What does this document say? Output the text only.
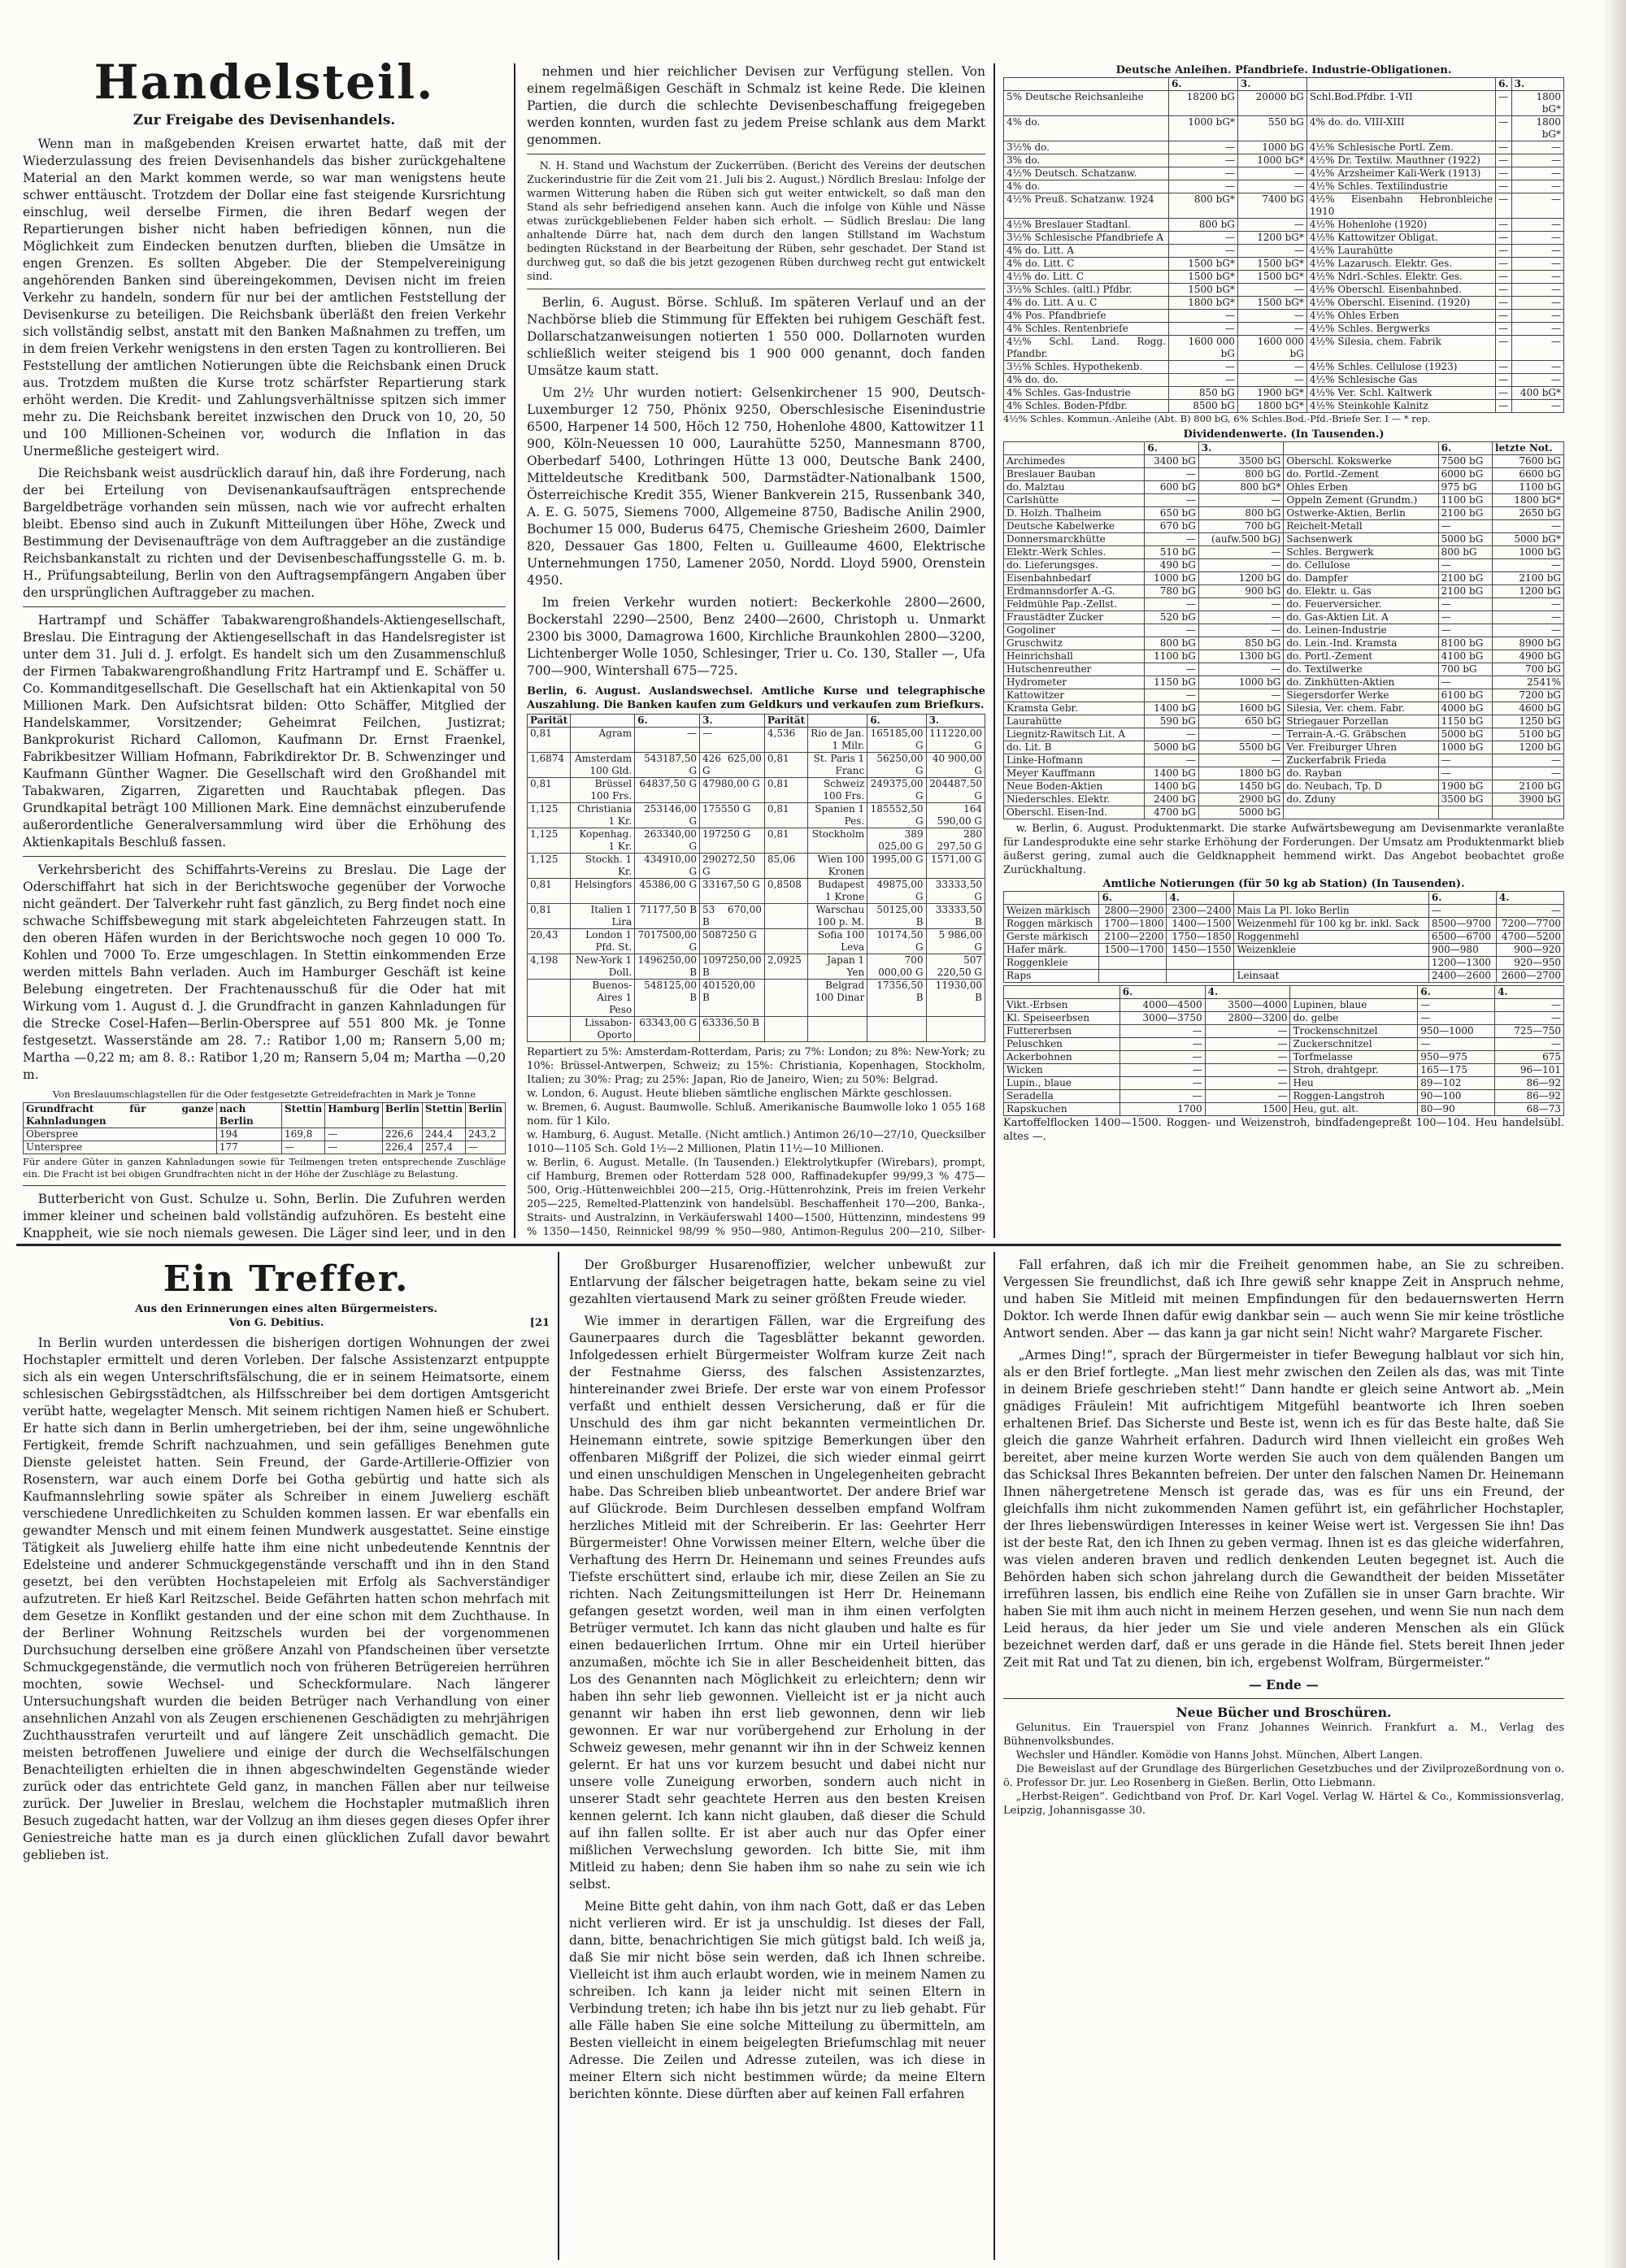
Handelsteil.
Zur Freigabe des Devisenhandels.

Wenn man in maßgebenden Kreisen erwartet hatte, daß mit der Wiederzulassung des freien Devisenhandels das bisher zurückgehaltene Material an den Markt kommen werde, so war man wenigstens heute schwer enttäuscht. Trotzdem der Dollar eine fast steigende Kursrichtung einschlug, weil derselbe Firmen, die ihren Bedarf wegen der Repartierungen bisher nicht haben befriedigen können, nun die Möglichkeit zum Eindecken benutzen durften, blieben die Umsätze in engen Grenzen. Es sollten Abgeber. Die der Stempelvereinigung angehörenden Banken sind übereingekommen, Devisen nicht im freien Verkehr zu handeln, sondern für nur bei der amtlichen Feststellung der Devisenkurse zu beteiligen. Die Reichsbank überläßt den freien Verkehr sich vollständig selbst, anstatt mit den Banken Maßnahmen zu treffen, um in dem freien Verkehr wenigstens in den ersten Tagen zu kontrollieren. Bei Feststellung der amtlichen Notierungen übte die Reichsbank einen Druck aus. Trotzdem mußten die Kurse trotz schärfster Repartierung stark erhöht werden. Die Kredit- und Zahlungsverhältnisse spitzen sich immer mehr zu. Die Reichsbank bereitet inzwischen den Druck von 10, 20, 50 und 100 Millionen-Scheinen vor, wodurch die Inflation in das Unermeßliche gesteigert wird.

Die Reichsbank weist ausdrücklich darauf hin, daß ihre Forderung, nach der bei Erteilung von Devisenankaufsaufträgen entsprechende Bargeldbeträge vorhanden sein müssen, nach wie vor aufrecht erhalten bleibt. Ebenso sind auch in Zukunft Mitteilungen über Höhe, Zweck und Bestimmung der Devisenaufträge von dem Auftraggeber an die zuständige Reichsbankanstalt zu richten und der Devisenbeschaffungsstelle G. m. b. H., Prüfungsabteilung, Berlin von den Auftragsempfängern Angaben über den ursprünglichen Auftraggeber zu machen.

Hartrampf und Schäffer Tabakwarengroßhandels-Aktiengesellschaft, Breslau. Die Eintragung der Aktiengesellschaft in das Handelsregister ist unter dem 31. Juli d. J. erfolgt. Es handelt sich um den Zusammenschluß der Firmen Tabakwarengroßhandlung Fritz Hartrampf und E. Schäffer u. Co. Kommanditgesellschaft. Die Gesellschaft hat ein Aktienkapital von 50 Millionen Mark. Den Aufsichtsrat bilden: Otto Schäffer, Mitglied der Handelskammer, Vorsitzender; Geheimrat Feilchen, Justizrat; Bankprokurist Richard Callomon, Kaufmann Dr. Ernst Fraenkel, Fabrikbesitzer William Hofmann, Fabrikdirektor Dr. B. Schwenzinger und Kaufmann Günther Wagner. Die Gesellschaft wird den Großhandel mit Tabakwaren, Zigarren, Zigaretten und Rauchtabak pflegen. Das Grundkapital beträgt 100 Millionen Mark. Eine demnächst einzuberufende außerordentliche Generalversammlung wird über die Erhöhung des Aktienkapitals Beschluß fassen.

Verkehrsbericht des Schiffahrts-Vereins zu Breslau. Die Lage der Oderschiffahrt hat sich in der Berichtswoche gegenüber der Vorwoche nicht geändert. Der Talverkehr ruht fast gänzlich, zu Berg findet noch eine schwache Schiffsbewegung mit stark abgeleichteten Fahrzeugen statt. In den oberen Häfen wurden in der Berichtswoche noch gegen 10 000 To. Kohlen und 7000 To. Erze umgeschlagen. In Stettin einkommenden Erze werden mittels Bahn verladen. Auch im Hamburger Geschäft ist keine Belebung eingetreten. Der Frachtenausschuß für die Oder hat mit Wirkung vom 1. August d. J. die Grundfracht in ganzen Kahnladungen für die Strecke Cosel-Hafen—Berlin-Oberspree auf 551 800 Mk. je Tonne festgesetzt. Wasserstände am 28. 7.: Ratibor 1,00 m; Ransern 5,00 m; Martha —0,22 m; am 8. 8.: Ratibor 1,20 m; Ransern 5,04 m; Martha —0,20 m.

Von Breslauumschlagstellen für die Oder festgesetzte Getreidefrachten in Mark je Tonne
Grundfracht für ganze Kahnladungen	nach Berlin	Stettin	Hamburg	Berlin	Stettin	Berlin
Oberspree	194	169,8	—	226,6	244,4	243,2
Unterspree	177	—	—	226,4	257,4	—
Für andere Güter in ganzen Kahnladungen sowie für Teilmengen treten entsprechende Zuschläge ein. Die Fracht ist bei obigen Grundfrachten nicht in der Höhe der Zuschläge zu Belastung.

Butterbericht von Gust. Schulze u. Sohn, Berlin. Die Zufuhren werden immer kleiner und scheinen bald vollständig aufzuhören. Es besteht eine Knappheit, wie sie noch niemals gewesen. Die Läger sind leer, und in den

nehmen und hier reichlicher Devisen zur Verfügung stellen. Von einem regelmäßigen Geschäft in Schmalz ist keine Rede. Die kleinen Partien, die durch die schlechte Devisenbeschaffung freigegeben werden konnten, wurden fast zu jedem Preise schlank aus dem Markt genommen.

N. H. Stand und Wachstum der Zuckerrüben. (Bericht des Vereins der deutschen Zuckerindustrie für die Zeit vom 21. Juli bis 2. August.) Nördlich Breslau: Infolge der warmen Witterung haben die Rüben sich gut weiter entwickelt, so daß man den Stand als sehr befriedigend ansehen kann. Auch die infolge von Kühle und Nässe etwas zurückgebliebenen Felder haben sich erholt. — Südlich Breslau: Die lang anhaltende Dürre hat, nach dem durch den langen Stillstand im Wachstum bedingten Rückstand in der Bearbeitung der Rüben, sehr geschadet. Der Stand ist durchweg gut, so daß die bis jetzt gezogenen Rüben durchweg recht gut entwickelt sind.

Berlin, 6. August. Börse. Schluß. Im späteren Verlauf und an der Nachbörse blieb die Stimmung für Effekten bei ruhigem Geschäft fest. Dollarschatzanweisungen notierten 1 550 000. Dollarnoten wurden schließlich weiter steigend bis 1 900 000 genannt, doch fanden Umsätze kaum statt.

Um 2½ Uhr wurden notiert: Gelsenkirchener 15 900, Deutsch-Luxemburger 12 750, Phönix 9250, Oberschlesische Eisenindustrie 6500, Harpener 14 500, Höch 12 750, Hohenlohe 4800, Kattowitzer 11 900, Köln-Neuessen 10 000, Laurahütte 5250, Mannesmann 8700, Oberbedarf 5400, Lothringen Hütte 13 000, Deutsche Bank 2400, Mitteldeutsche Kreditbank 500, Darmstädter-Nationalbank 1500, Österreichische Kredit 355, Wiener Bankverein 215, Russenbank 340, A. E. G. 5075, Siemens 7000, Allgemeine 8750, Badische Anilin 2900, Bochumer 15 000, Buderus 6475, Chemische Griesheim 2600, Daimler 820, Dessauer Gas 1800, Felten u. Guilleaume 4600, Elektrische Unternehmungen 1750, Lamener 2050, Nordd. Lloyd 5900, Orenstein 4950.

Im freien Verkehr wurden notiert: Beckerkohle 2800—2600, Bockerstahl 2290—2500, Benz 2400—2600, Christoph u. Unmarkt 2300 bis 3000, Damagrowa 1600, Kirchliche Braunkohlen 2800—3200, Lichtenberger Wolle 1050, Schlesinger, Trier u. Co. 130, Staller —, Ufa 700—900, Wintershall 675—725.

Berlin, 6. August. Auslandswechsel. Amtliche Kurse und telegraphische Auszahlung. Die Banken kaufen zum Geldkurs und verkaufen zum Briefkurs.
Parität		6.	3.	Parität		6.	3.
0,81	Agram	—	—	4,536	Rio de Jan. 1 Milr.	165185,00 G	111220,00 G
1,6874	Amsterdam 100 Gld.	543187,50 G	426 625,00 G	0,81	St. Paris 1 Franc	56250,00 G	40 900,00 G
0,81	Brüssel 100 Frs.	64837,50 G	47980,00 G	0,81	Schweiz 100 Frs.	249375,00 G	204487,50 G
1,125	Christiania 1 Kr.	253146,00 G	175550 G	0,81	Spanien 1 Pes.	185552,50 G	164 590,00 G
1,125	Kopenhag. 1 Kr.	263340,00 G	197250 G	0,81	Stockholm	389 025,00 G	280 297,50 G
1,125	Stockh. 1 Kr.	434910,00 G	290272,50 G	85,06	Wien 100 Kronen	1995,00 G	1571,00 G
0,81	Helsingfors	45386,00 G	33167,50 G	0,8508	Budapest 1 Krone	49875,00 G	33333,50 G
0,81	Italien 1 Lira	71177,50 B	53 670,00 B		Warschau 100 p. M.	50125,00 B	33333,50 B
20,43	London 1 Pfd. St.	7017500,00 G	5087250 G		Sofia 100 Leva	10174,50 G	5 986,00 G
4,198	New-York 1 Doll.	1496250,00 B	1097250,00 B	2,0925	Japan 1 Yen	700 000,00 G	507 220,50 G
	Buenos-Aires 1 Peso	548125,00 B	401520,00 B		Belgrad 100 Dinar	17356,50 B	11930,00 B
	Lissabon-Oporto	63343,00 G	63336,50 B				
Repartiert zu 5%: Amsterdam-Rotterdam, Paris; zu 7%: London; zu 8%: New-York; zu 10%: Brüssel-Antwerpen, Schweiz; zu 15%: Christiania, Kopenhagen, Stockholm, Italien; zu 30%: Prag; zu 25%: Japan, Rio de Janeiro, Wien; zu 50%: Belgrad.
w. London, 6. August. Heute blieben sämtliche englischen Märkte geschlossen.
w. Bremen, 6. August. Baumwolle. Schluß. Amerikanische Baumwolle loko 1 055 168 nom. für 1 Kilo.
w. Hamburg, 6. August. Metalle. (Nicht amtlich.) Antimon 26/10—27/10, Quecksilber 1010—1105 Sch. Gold 1½—2 Millionen, Platin 11½—10 Millionen.
w. Berlin, 6. August. Metalle. (In Tausenden.) Elektrolytkupfer (Wirebars), prompt, cif Hamburg, Bremen oder Rotterdam 528 000, Raffinadekupfer 99/99,3 % 475—500, Orig.-Hüttenweichblei 200—215, Orig.-Hüttenrohzink, Preis im freien Verkehr 205—225, Remelted-Plattenzink von handelsübl. Beschaffenheit 170—200, Banka-, Straits- und Australzinn, in Verkäuferswahl 1400—1500, Hüttenzinn, mindestens 99 % 1350—1450, Reinnickel 98/99 % 950—980, Antimon-Regulus 200—210, Silber-

Deutsche Anleihen. Pfandbriefe. Industrie-Obligationen.
	6.	3.		6.	3.
5% Deutsche Reichsanleihe	18200 bG	20000 bG	Schl.Bod.Pfdbr. 1-VII	—	1800 bG*
4% do.	1000 bG*	550 bG	4% do. do. VIII-XIII	—	1800 bG*
3½% do.	—	1000 bG	4½% Schlesische Portl. Zem.	—	—
3% do.	—	1000 bG*	4½% Dr. Textilw. Mauthner (1922)	—	—
4½% Deutsch. Schatzanw.	—	—	4½% Arzsheimer Kali-Werk (1913)	—	—
4% do.	—	—	4½% Schles. Textilindustrie	—	—
4½% Preuß. Schatzanw. 1924	800 bG*	7400 bG	4½% Eisenbahn Hebronbleiche 1910	—	—
4½% Breslauer Stadtanl.	800 bG	—	4½% Hohenlohe (1920)	—	—
3½% Schlesische Pfandbriefe A	—	1200 bG*	4½% Kattowitzer Obligat.	—	—
4% do. Litt. A	—	—	4½% Laurahütte	—	—
4% do. Litt. C	1500 bG*	1500 bG*	4½% Lazarusch. Elektr. Ges.	—	—
4½% do. Litt. C	1500 bG*	1500 bG*	4½% Ndrl.-Schles. Elektr. Ges.	—	—
3½% Schles. (altl.) Pfdbr.	1500 bG*	—	4½% Oberschl. Eisenbahnbed.	—	—
4% do. Litt. A u. C	1800 bG*	1500 bG*	4½% Oberschl. Eisenind. (1920)	—	—
4% Pos. Pfandbriefe	—	—	4½% Ohles Erben	—	—
4% Schles. Rentenbriefe	—	—	4½% Schles. Bergwerks	—	—
4½% Schl. Land. Rogg. Pfandbr.	1600 000 bG	1600 000 bG	4½% Silesia, chem. Fabrik	—	—
3½% Schles. Hypothekenb.	—	—	4½% Schles. Cellulose (1923)	—	—
4% do. do.	—	—	4½% Schlesische Gas	—	—
4% Schles. Gas-Industrie	850 bG	1900 bG*	4½% Ver. Schl. Kaltwerk	—	400 bG*
4% Schles. Boden-Pfdbr.	8500 bG	1800 bG*	4½% Steinkohle Kalnitz	—	—
4½% Schles. Kommun.-Anleihe (Abt. B) 800 bG, 6% Schles.Bod.-Pfd.-Briefe Ser. I — * rep.
Dividendenwerte. (In Tausenden.)
	6.	3.		6.	letzte Not.
Archimedes	3400 bG	3500 bG	Oberschl. Kokswerke	7500 bG	7600 bG
Breslauer Bauban	—	800 bG	do. Portld.-Zement	6000 bG	6600 bG
do. Malztau	600 bG	800 bG*	Ohles Erben	975 bG	1100 bG
Carlshütte	—	—	Oppeln Zement (Grundm.)	1100 bG	1800 bG*
D. Holzh. Thalheim	650 bG	800 bG	Ostwerke-Aktien, Berlin	2100 bG	2650 bG
Deutsche Kabelwerke	670 bG	700 bG	Reichelt-Metall	—	—
Donnersmarckhütte	—	(aufw.500 bG)	Sachsenwerk	5000 bG	5000 bG*
Elektr.-Werk Schles.	510 bG	—	Schles. Bergwerk	800 bG	1000 bG
do. Lieferungsges.	490 bG	—	do. Cellulose	—	—
Eisenbahnbedarf	1000 bG	1200 bG	do. Dampfer	2100 bG	2100 bG
Erdmannsdorfer A.-G.	780 bG	900 bG	do. Elektr. u. Gas	2100 bG	1200 bG
Feldmühle Pap.-Zellst.	—	—	do. Feuerversicher.	—	—
Fraustädter Zucker	520 bG	—	do. Gas-Aktien Lit. A	—	—
Gogoliner	—	—	do. Leinen-Industrie	—	—
Gruschwitz	800 bG	850 bG	do. Lein.-Ind. Kramsta	8100 bG	8900 bG
Heinrichshall	1100 bG	1300 bG	do. Portl.-Zement	4100 bG	4900 bG
Hutschenreuther	—	—	do. Textilwerke	700 bG	700 bG
Hydrometer	1150 bG	1000 bG	do. Zinkhütten-Aktien	—	2541%
Kattowitzer	—	—	Siegersdorfer Werke	6100 bG	7200 bG
Kramsta Gebr.	1400 bG	1600 bG	Silesia, Ver. chem. Fabr.	4000 bG	4600 bG
Laurahütte	590 bG	650 bG	Striegauer Porzellan	1150 bG	1250 bG
Liegnitz-Rawitsch Lit. A	—	—	Terrain-A.-G. Gräbschen	5000 bG	5100 bG
do. Lit. B	5000 bG	5500 bG	Ver. Freiburger Uhren	1000 bG	1200 bG
Linke-Hofmann	—	—	Zuckerfabrik Frieda	—	—
Meyer Kauffmann	1400 bG	1800 bG	do. Rayban	—	—
Neue Boden-Aktien	1400 bG	1450 bG	do. Neubach, Tp. D	1900 bG	2100 bG
Niederschles. Elektr.	2400 bG	2900 bG	do. Zduny	3500 bG	3900 bG
Oberschl. Eisen-Ind.	4700 bG	5000 bG			
w. Berlin, 6. August. Produktenmarkt. Die starke Aufwärtsbewegung am Devisenmarkte veranlaßte für Landesprodukte eine sehr starke Erhöhung der Forderungen. Der Umsatz am Produktenmarkt blieb äußerst gering, zumal auch die Geldknappheit hemmend wirkt. Das Angebot beobachtet große Zurückhaltung.
Amtliche Notierungen (für 50 kg ab Station) (In Tausenden).
	6.	4.		6.	4.
Weizen märkisch	2800—2900	2300—2400	Mais La Pl. loko Berlin	—	—
Roggen märkisch	1700—1800	1400—1500	Weizenmehl für 100 kg br. inkl. Sack	8500—9700	7200—7700
Gerste märkisch	2100—2200	1750—1850	Roggenmehl	6500—6700	4700—5200
Hafer märk.	1500—1700	1450—1550	Weizenkleie	900—980	900—920
Roggenkleie				1200—1300	920—950
Raps			Leinsaat	2400—2600	2600—2700
	6.	4.		6.	4.
Vikt.-Erbsen	4000—4500	3500—4000	Lupinen, blaue	—	—
Kl. Speiseerbsen	3000—3750	2800—3200	do. gelbe	—	—
Futtererbsen	—	—	Trockenschnitzel	950—1000	725—750
Peluschken	—	—	Zuckerschnitzel	—	—
Ackerbohnen	—	—	Torfmelasse	950—975	675
Wicken	—	—	Stroh, drahtgepr.	165—175	96—101
Lupin., blaue	—	—	Heu	89—102	86—92
Seradella	—	—	Roggen-Langstroh	90—100	86—92
Rapskuchen	1700	1500	Heu, gut. alt.	80—90	68—73
Kartoffelflocken 1400—1500. Roggen- und Weizenstroh, bindfadengepreßt 100—104. Heu handelsübl. altes —.
Ein Treffer.
Aus den Erinnerungen eines alten Bürgermeisters.
Von G. Debitius.	[21

In Berlin wurden unterdessen die bisherigen dortigen Wohnungen der zwei Hochstapler ermittelt und deren Vorleben. Der falsche Assistenzarzt entpuppte sich als ein wegen Unterschriftsfälschung, die er in seinem Heimatsorte, einem schlesischen Gebirgsstädtchen, als Hilfsschreiber bei dem dortigen Amtsgericht verübt hatte, wegelagter Mensch. Mit seinem richtigen Namen hieß er Schubert. Er hatte sich dann in Berlin umhergetrieben, bei der ihm, seine ungewöhnliche Fertigkeit, fremde Schrift nachzuahmen, und sein gefälliges Benehmen gute Dienste geleistet hatten. Sein Freund, der Garde-Artillerie-Offizier von Rosenstern, war auch einem Dorfe bei Gotha gebürtig und hatte sich als Kaufmannslehrling sowie später als Schreiber in einem Juwelierg eschäft verschiedene Unredlichkeiten zu Schulden kommen lassen. Er war ebenfalls ein gewandter Mensch und mit einem feinen Mundwerk ausgestattet. Seine einstige Tätigkeit als Juwelierg ehilfe hatte ihm eine nicht unbedeutende Kenntnis der Edelsteine und anderer Schmuckgegenstände verschafft und ihn in den Stand gesetzt, bei den verübten Hochstapeleien mit Erfolg als Sachverständiger aufzutreten. Er hieß Karl Reitzschel. Beide Gefährten hatten schon mehrfach mit dem Gesetze in Konflikt gestanden und der eine schon mit dem Zuchthause. In der Berliner Wohnung Reitzschels wurden bei der vorgenommenen Durchsuchung derselben eine größere Anzahl von Pfandscheinen über versetzte Schmuckgegenstände, die vermutlich noch von früheren Betrügereien herrühren mochten, sowie Wechsel- und Scheckformulare. Nach längerer Untersuchungshaft wurden die beiden Betrüger nach Verhandlung von einer ansehnlichen Anzahl von als Zeugen erschienenen Geschädigten zu mehrjährigen Zuchthausstrafen verurteilt und auf längere Zeit unschädlich gemacht. Die meisten betroffenen Juweliere und einige der durch die Wechselfälschungen Benachteiligten erhielten die in ihnen abgeschwindelten Gegenstände wieder zurück oder das entrichtete Geld ganz, in manchen Fällen aber nur teilweise zurück. Der Juwelier in Breslau, welchem die Hochstapler mutmaßlich ihren Besuch zugedacht hatten, war der Vollzug an ihm dieses gegen dieses Opfer ihrer Geniestreiche hatte man es ja durch einen glücklichen Zufall davor bewahrt geblieben ist.

Der Großburger Husarenoffizier, welcher unbewußt zur Entlarvung der fälscher beigetragen hatte, bekam seine zu viel gezahlten viertausend Mark zu seiner größten Freude wieder.

Wie immer in derartigen Fällen, war die Ergreifung des Gaunerpaares durch die Tagesblätter bekannt geworden. Infolgedessen erhielt Bürgermeister Wolfram kurze Zeit nach der Festnahme Gierss, des falschen Assistenzarztes, hintereinander zwei Briefe. Der erste war von einem Professor verfaßt und enthielt dessen Versicherung, daß er für die Unschuld des ihm gar nicht bekannten vermeintlichen Dr. Heinemann eintrete, sowie spitzige Bemerkungen über den offenbaren Mißgriff der Polizei, die sich wieder einmal geirrt und einen unschuldigen Menschen in Ungelegenheiten gebracht habe. Das Schreiben blieb unbeantwortet. Der andere Brief war auf Glückrode. Beim Durchlesen desselben empfand Wolfram herzliches Mitleid mit der Schreiberin. Er las: Geehrter Herr Bürgermeister! Ohne Vorwissen meiner Eltern, welche über die Verhaftung des Herrn Dr. Heinemann und seines Freundes aufs Tiefste erschüttert sind, erlaube ich mir, diese Zeilen an Sie zu richten. Nach Zeitungsmitteilungen ist Herr Dr. Heinemann gefangen gesetzt worden, weil man in ihm einen verfolgten Betrüger vermutet. Ich kann das nicht glauben und halte es für einen bedauerlichen Irrtum. Ohne mir ein Urteil hierüber anzumaßen, möchte ich Sie in aller Bescheidenheit bitten, das Los des Genannten nach Möglichkeit zu erleichtern; denn wir haben ihn sehr lieb gewonnen. Vielleicht ist er ja nicht auch genannt wir haben ihn erst lieb gewonnen, denn wir lieb gewonnen. Er war nur vorübergehend zur Erholung in der Schweiz gewesen, mehr genannt wir ihn in der Schweiz kennen gelernt. Er hat uns vor kurzem besucht und dabei nicht nur unsere volle Zuneigung erworben, sondern auch nicht in unserer Stadt sehr geachtete Herren aus den besten Kreisen kennen gelernt. Ich kann nicht glauben, daß dieser die Schuld auf ihn fallen sollte. Er ist aber auch nur das Opfer einer mißlichen Verwechslung geworden. Ich bitte Sie, mit ihm Mitleid zu haben; denn Sie haben ihm so nahe zu sein wie ich selbst.

Meine Bitte geht dahin, von ihm nach Gott, daß er das Leben nicht verlieren wird. Er ist ja unschuldig. Ist dieses der Fall, dann, bitte, benachrichtigen Sie mich gütigst bald. Ich weiß ja, daß Sie mir nicht böse sein werden, daß ich Ihnen schreibe. Vielleicht ist ihm auch erlaubt worden, wie in meinem Namen zu schreiben. Ich kann ja leider nicht mit seinen Eltern in Verbindung treten; ich habe ihn bis jetzt nur zu lieb gehabt. Für alle Fälle haben Sie eine solche Mitteilung zu übermitteln, am Besten vielleicht in einem beigelegten Briefumschlag mit neuer Adresse. Die Zeilen und Adresse zuteilen, was ich diese in meiner Eltern sich nicht bestimmen würde; da meine Eltern berichten könnte. Diese dürften aber auf keinen Fall erfahren

Fall erfahren, daß ich mir die Freiheit genommen habe, an Sie zu schreiben. Vergessen Sie freundlichst, daß ich Ihre gewiß sehr knappe Zeit in Anspruch nehme, und haben Sie Mitleid mit meinen Empfindungen für den bedauernswerten Herrn Doktor. Ich werde Ihnen dafür ewig dankbar sein — auch wenn Sie mir keine tröstliche Antwort senden. Aber — das kann ja gar nicht sein! Nicht wahr? Margarete Fischer.

„Armes Ding!“, sprach der Bürgermeister in tiefer Bewegung halblaut vor sich hin, als er den Brief fortlegte. „Man liest mehr zwischen den Zeilen als das, was mit Tinte in deinem Briefe geschrieben steht!“ Dann handte er gleich seine Antwort ab. „Mein gnädiges Fräulein! Mit aufrichtigem Mitgefühl beantworte ich Ihren soeben erhaltenen Brief. Das Sicherste und Beste ist, wenn ich es für das Beste halte, daß Sie gleich die ganze Wahrheit erfahren. Dadurch wird Ihnen vielleicht ein großes Weh bereitet, aber meine kurzen Worte werden Sie auch von dem quälenden Bangen um das Schicksal Ihres Bekannten befreien. Der unter den falschen Namen Dr. Heinemann Ihnen nähergetretene Mensch ist gerade das, was es für uns ein Freund, der gleichfalls ihm nicht zukommenden Namen geführt ist, ein gefährlicher Hochstapler, der Ihres liebenswürdigen Interesses in keiner Weise wert ist. Vergessen Sie ihn! Das ist der beste Rat, den ich Ihnen zu geben vermag. Ihnen ist es das gleiche widerfahren, was vielen anderen braven und redlich denkenden Leuten begegnet ist. Auch die Behörden haben sich schon jahrelang durch die Gewandtheit der beiden Missetäter irreführen lassen, bis endlich eine Reihe von Zufällen sie in unser Garn brachte. Wir haben Sie mit ihm auch nicht in meinem Herzen gesehen, und wenn Sie nun nach dem Leid heraus, da hier jeder um Sie und viele anderen Menschen als ein Glück bezeichnet werden darf, daß er uns gerade in die Hände fiel. Stets bereit Ihnen jeder Zeit mit Rat und Tat zu dienen, bin ich, ergebenst Wolfram, Bürgermeister.“

— Ende —
Neue Bücher und Broschüren.
Gelunitus. Ein Trauerspiel von Franz Johannes Weinrich. Frankfurt a. M., Verlag des Bühnenvolksbundes.
Wechsler und Händler. Komödie von Hanns Johst. München, Albert Langen.
Die Beweislast auf der Grundlage des Bürgerlichen Gesetzbuches und der Zivilprozeßordnung von o. ö. Professor Dr. jur. Leo Rosenberg in Gießen. Berlin, Otto Liebmann.
„Herbst-Reigen“. Gedichtband von Prof. Dr. Karl Vogel. Verlag W. Härtel & Co., Kommissionsverlag, Leipzig, Johannisgasse 30.
